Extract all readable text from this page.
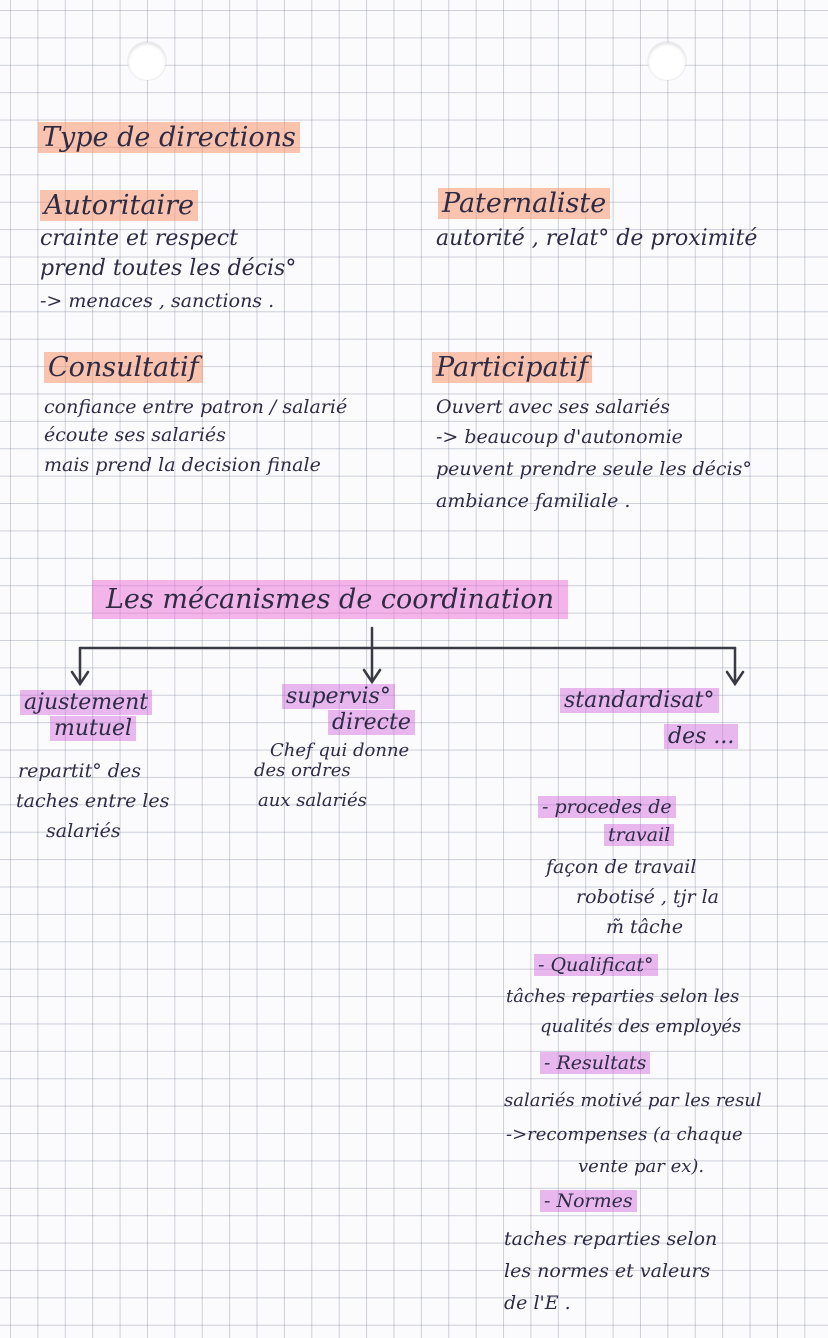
Type de directions
Autoritaire
crainte et respect
prend toutes les décis°
-> menaces , sanctions .
Paternaliste
autorité , relat° de proximité
Consultatif
confiance entre patron / salarié
écoute ses salariés
mais prend la decision finale
Participatif
Ouvert avec ses salariés
-> beaucoup d'autonomie
peuvent prendre seule les décis°
ambiance familiale .
Les mécanismes de coordination
ajustement
mutuel
repartit° des
taches entre les
salariés
supervis°
directe
Chef qui donne
des ordres
aux salariés
standardisat°
des ...
- procedes de
travail
façon de travail
robotisé , tjr la
m̃ tâche
- Qualificat°
tâches reparties selon les
qualités des employés
- Resultats
salariés motivé par les resul
->recompenses (a chaque
vente par ex).
- Normes
taches reparties selon
les normes et valeurs
de l'E .
